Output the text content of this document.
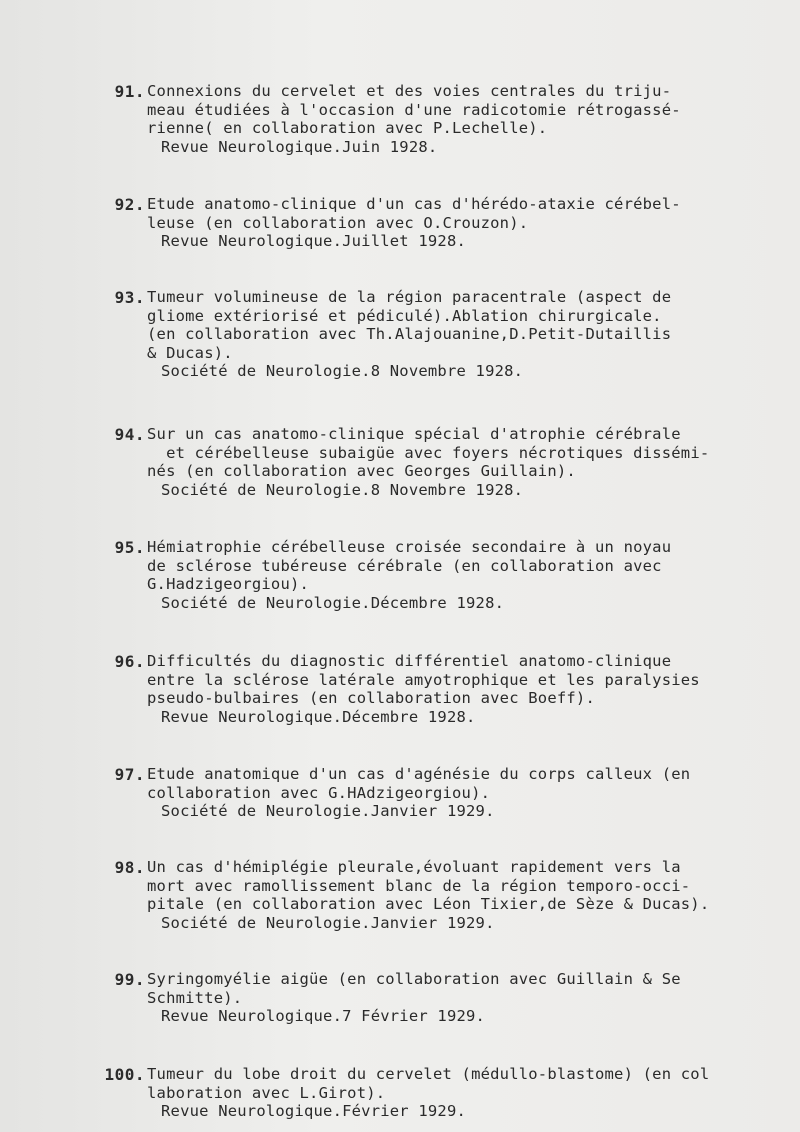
91. Connexions du cervelet et des voies centrales du triju-
meau étudiées à l'occasion d'une radicotomie rétrogassé-
rienne( en collaboration avec P.Lechelle).
Revue Neurologique.Juin 1928.
92. Etude anatomo-clinique d'un cas d'hérédo-ataxie cérébel-
leuse (en collaboration avec O.Crouzon).
Revue Neurologique.Juillet 1928.
93. Tumeur volumineuse de la région paracentrale (aspect de
gliome extériorisé et pédiculé).Ablation chirurgicale.
(en collaboration avec Th.Alajouanine,D.Petit-Dutaillis
& Ducas).
Société de Neurologie.8 Novembre 1928.
94. Sur un cas anatomo-clinique spécial d'atrophie cérébrale
et cérébelleuse subaigüe avec foyers nécrotiques dissémi-
nés (en collaboration avec Georges Guillain).
Société de Neurologie.8 Novembre 1928.
95. Hémiatrophie cérébelleuse croisée secondaire à un noyau
de sclérose tubéreuse cérébrale (en collaboration avec
G.Hadzigeorgiou).
Société de Neurologie.Décembre 1928.
96. Difficultés du diagnostic différentiel anatomo-clinique
entre la sclérose latérale amyotrophique et les paralysies
pseudo-bulbaires (en collaboration avec Boeff).
Revue Neurologique.Décembre 1928.
97. Etude anatomique d'un cas d'agénésie du corps calleux (en
collaboration avec G.HAdzigeorgiou).
Société de Neurologie.Janvier 1929.
98. Un cas d'hémiplégie pleurale,évoluant rapidement vers la
mort avec ramollissement blanc de la région temporo-occi-
pitale (en collaboration avec Léon Tixier,de Sèze & Ducas).
Société de Neurologie.Janvier 1929.
99. Syringomyélie aigüe (en collaboration avec Guillain & Se
Schmitte).
Revue Neurologique.7 Février 1929.
100. Tumeur du lobe droit du cervelet (médullo-blastome) (en col
laboration avec L.Girot).
Revue Neurologique.Février 1929.
